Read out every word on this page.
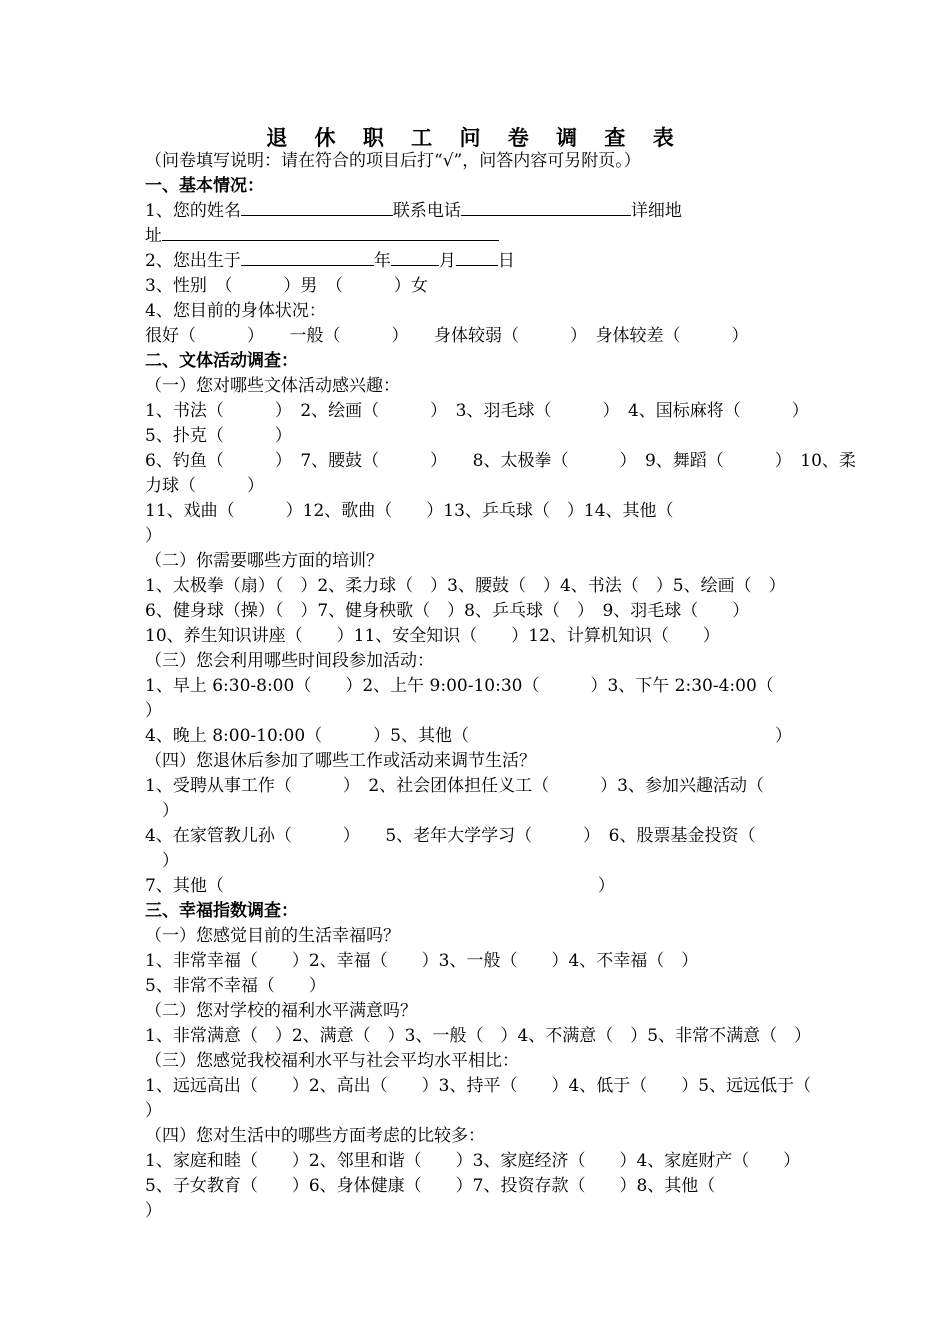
退 休 职 工 问 卷 调 查 表
（问卷填写说明：请在符合的项目后打“√”，问答内容可另附页。）
一、基本情况：
1、您的姓名	联系电话	详细地
址
2、您出生于	年	月 日
3、性别　（　　　）男　（　　　）女
4、您目前的身体状况：
很好（　　　）　　一般（　　　）　　身体较弱（　　　）　身体较差（　　　）
二、文体活动调查：
（一）您对哪些文体活动感兴趣：
1、书法（　　　）　2、绘画（　　　）　3、羽毛球（　　　）　4、国标麻将（　　　）
5、扑克（　　　）
6、钓鱼（　　　）　7、腰鼓（　　　）　　8、太极拳（　　　）　9、舞蹈（　　　）　10、柔
力球（　　　）
11、戏曲（　　　）12、歌曲（　　）13、乒乓球（　）14、其他（
）
（二）你需要哪些方面的培训？
1、太极拳（扇）（　）2、柔力球（　）3、腰鼓（　）4、书法（　）5、绘画（　）
6、健身球（操）（　）7、健身秧歌（　）8、乒乓球（　）　9、羽毛球（　　）
10、养生知识讲座（　　）11、安全知识（　　）12、计算机知识（　　）
（三）您会利用哪些时间段参加活动：
1、早上 6:30-8:00（　　）2、上午 9:00-10:30（　　　）3、下午 2:30-4:00（
）
4、晚上 8:00-10:00（　　　）5、其他（　　　　　　　　　　　　　　　　　　）
（四）您退休后参加了哪些工作或活动来调节生活？
1、受聘从事工作（　　　）　2、社会团体担任义工（　　　）3、参加兴趣活动（
　）
4、在家管教儿孙（　　　）　　5、老年大学学习（　　　）　6、股票基金投资（
　）
7、其他（　　　　　　　　　　　　　　　　　　　　　　）
三、幸福指数调查：
（一）您感觉目前的生活幸福吗？
1、非常幸福（　　）2、幸福（　　）3、一般（　　）4、不幸福（　）
5、非常不幸福（　　）
（二）您对学校的福利水平满意吗？
1、非常满意（　）2、满意（　）3、一般（　）4、不满意（　）5、非常不满意（　）
（三）您感觉我校福利水平与社会平均水平相比：
1、远远高出（　　）2、高出（　　）3、持平（　　）4、低于（　　）5、远远低于（
）
（四）您对生活中的哪些方面考虑的比较多：
1、家庭和睦（　　）2、邻里和谐（　　）3、家庭经济（　　）4、家庭财产（　　）
5、子女教育（　　）6、身体健康（　　）7、投资存款（　　）8、其他（
）
